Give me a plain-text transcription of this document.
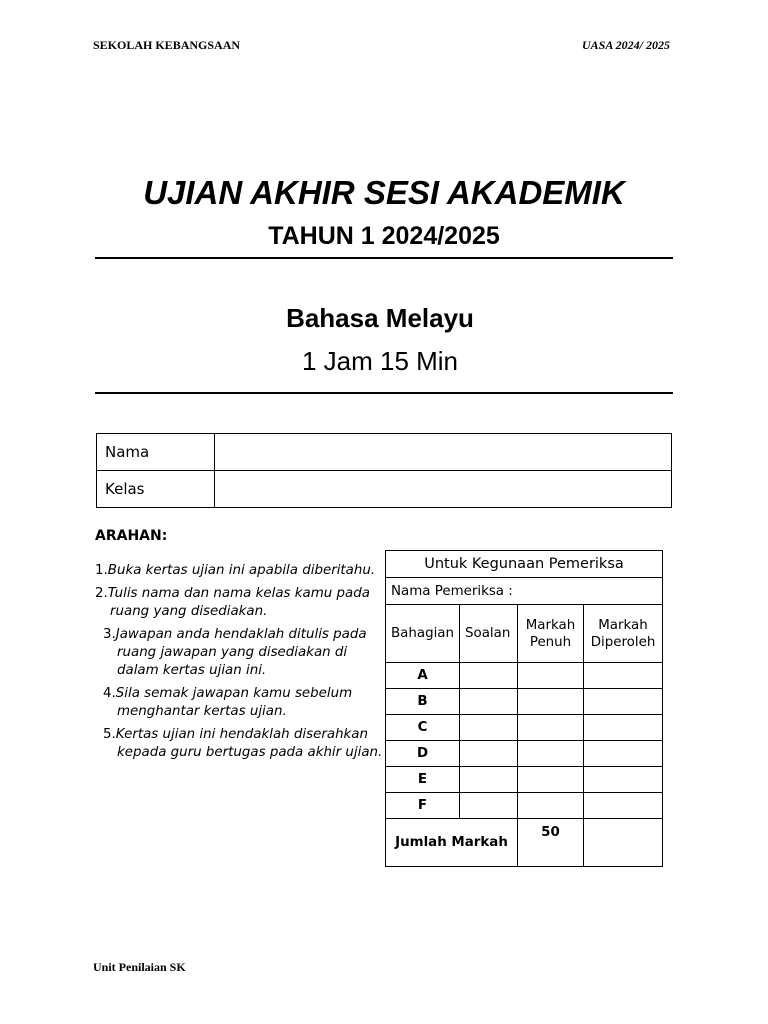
SEKOLAH KEBANGSAAN	UASA 2024/ 2025
UJIAN AKHIR SESI AKADEMIK
TAHUN 1 2024/2025
Bahasa Melayu
1 Jam 15 Min
Nama	
Kelas	
ARAHAN:
1.Buka kertas ujian ini apabila diberitahu.
2.Tulis nama dan nama kelas kamu pada ruang yang disediakan.
3.Jawapan anda hendaklah ditulis pada ruang jawapan yang disediakan di dalam kertas ujian ini.
4.Sila semak jawapan kamu sebelum menghantar kertas ujian.
5.Kertas ujian ini hendaklah diserahkan kepada guru bertugas pada akhir ujian.
Untuk Kegunaan Pemeriksa			
Nama Pemeriksa :			
Bahagian	Soalan	Markah Penuh	Markah Diperoleh
A			
B			
C			
D			
E			
F			
Jumlah Markah		50	
Unit Penilaian SK
